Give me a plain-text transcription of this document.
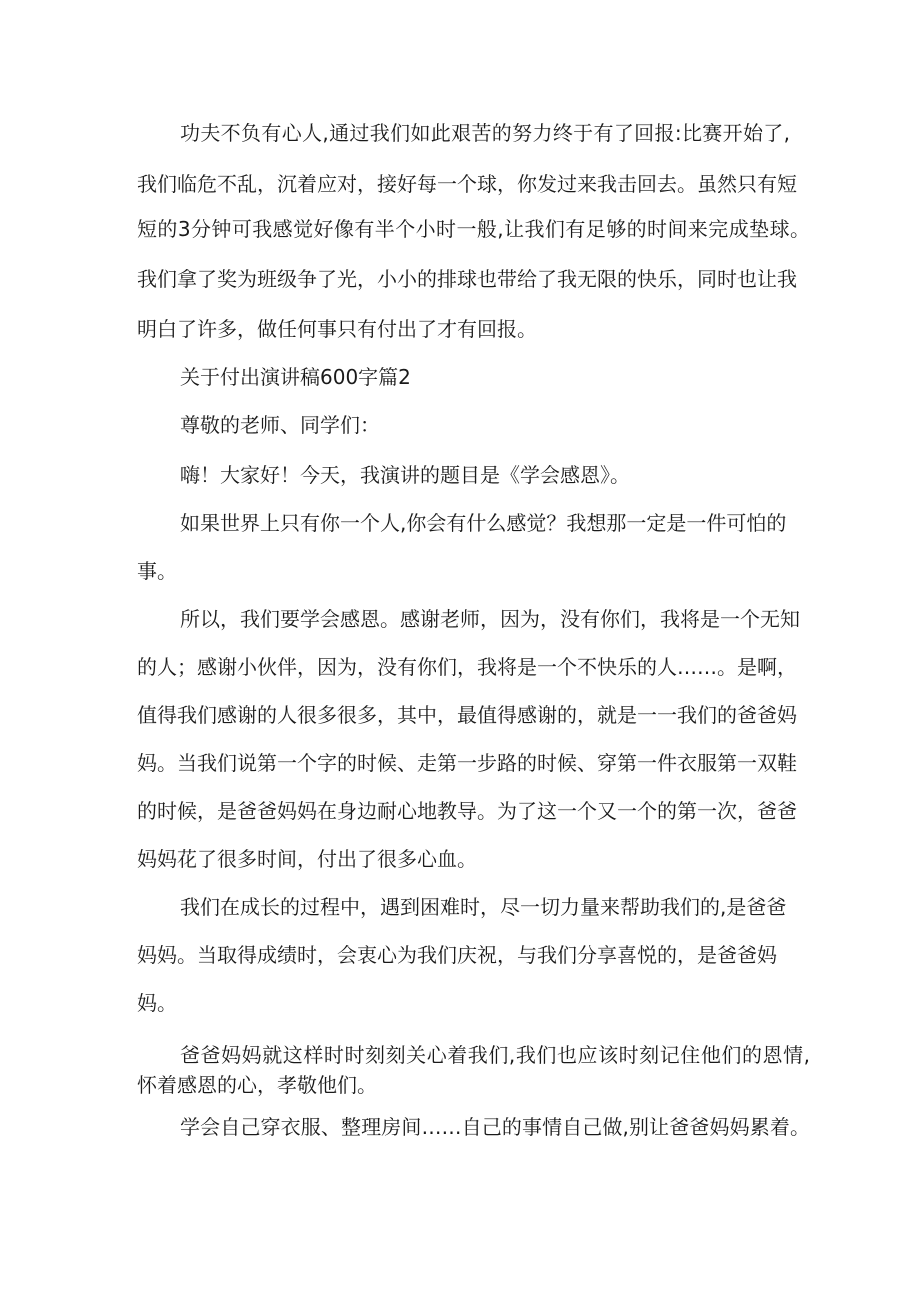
功夫不负有心人,通过我们如此艰苦的努力终于有了回报:比赛开始了,

我们临危不乱，沉着应对，接好每一个球，你发过来我击回去。虽然只有短

短的3分钟可我感觉好像有半个小时一般,让我们有足够的时间来完成垫球。

我们拿了奖为班级争了光，小小的排球也带给了我无限的快乐，同时也让我

明白了许多，做任何事只有付出了才有回报。

关于付出演讲稿600字篇2

尊敬的老师、同学们：

嗨！大家好！今天，我演讲的题目是《学会感恩》。

如果世界上只有你一个人,你会有什么感觉？我想那一定是一件可怕的

事。

所以，我们要学会感恩。感谢老师，因为，没有你们，我将是一个无知

的人；感谢小伙伴，因为，没有你们，我将是一个不快乐的人……。是啊，

值得我们感谢的人很多很多，其中，最值得感谢的，就是一一我们的爸爸妈

妈。当我们说第一个字的时候、走第一步路的时候、穿第一件衣服第一双鞋

的时候，是爸爸妈妈在身边耐心地教导。为了这一个又一个的第一次，爸爸

妈妈花了很多时间，付出了很多心血。

我们在成长的过程中，遇到困难时，尽一切力量来帮助我们的,是爸爸

妈妈。当取得成绩时，会衷心为我们庆祝，与我们分享喜悦的，是爸爸妈

妈。

爸爸妈妈就这样时时刻刻关心着我们,我们也应该时刻记住他们的恩情,

怀着感恩的心，孝敬他们。

学会自己穿衣服、整理房间……自己的事情自己做,别让爸爸妈妈累着。
